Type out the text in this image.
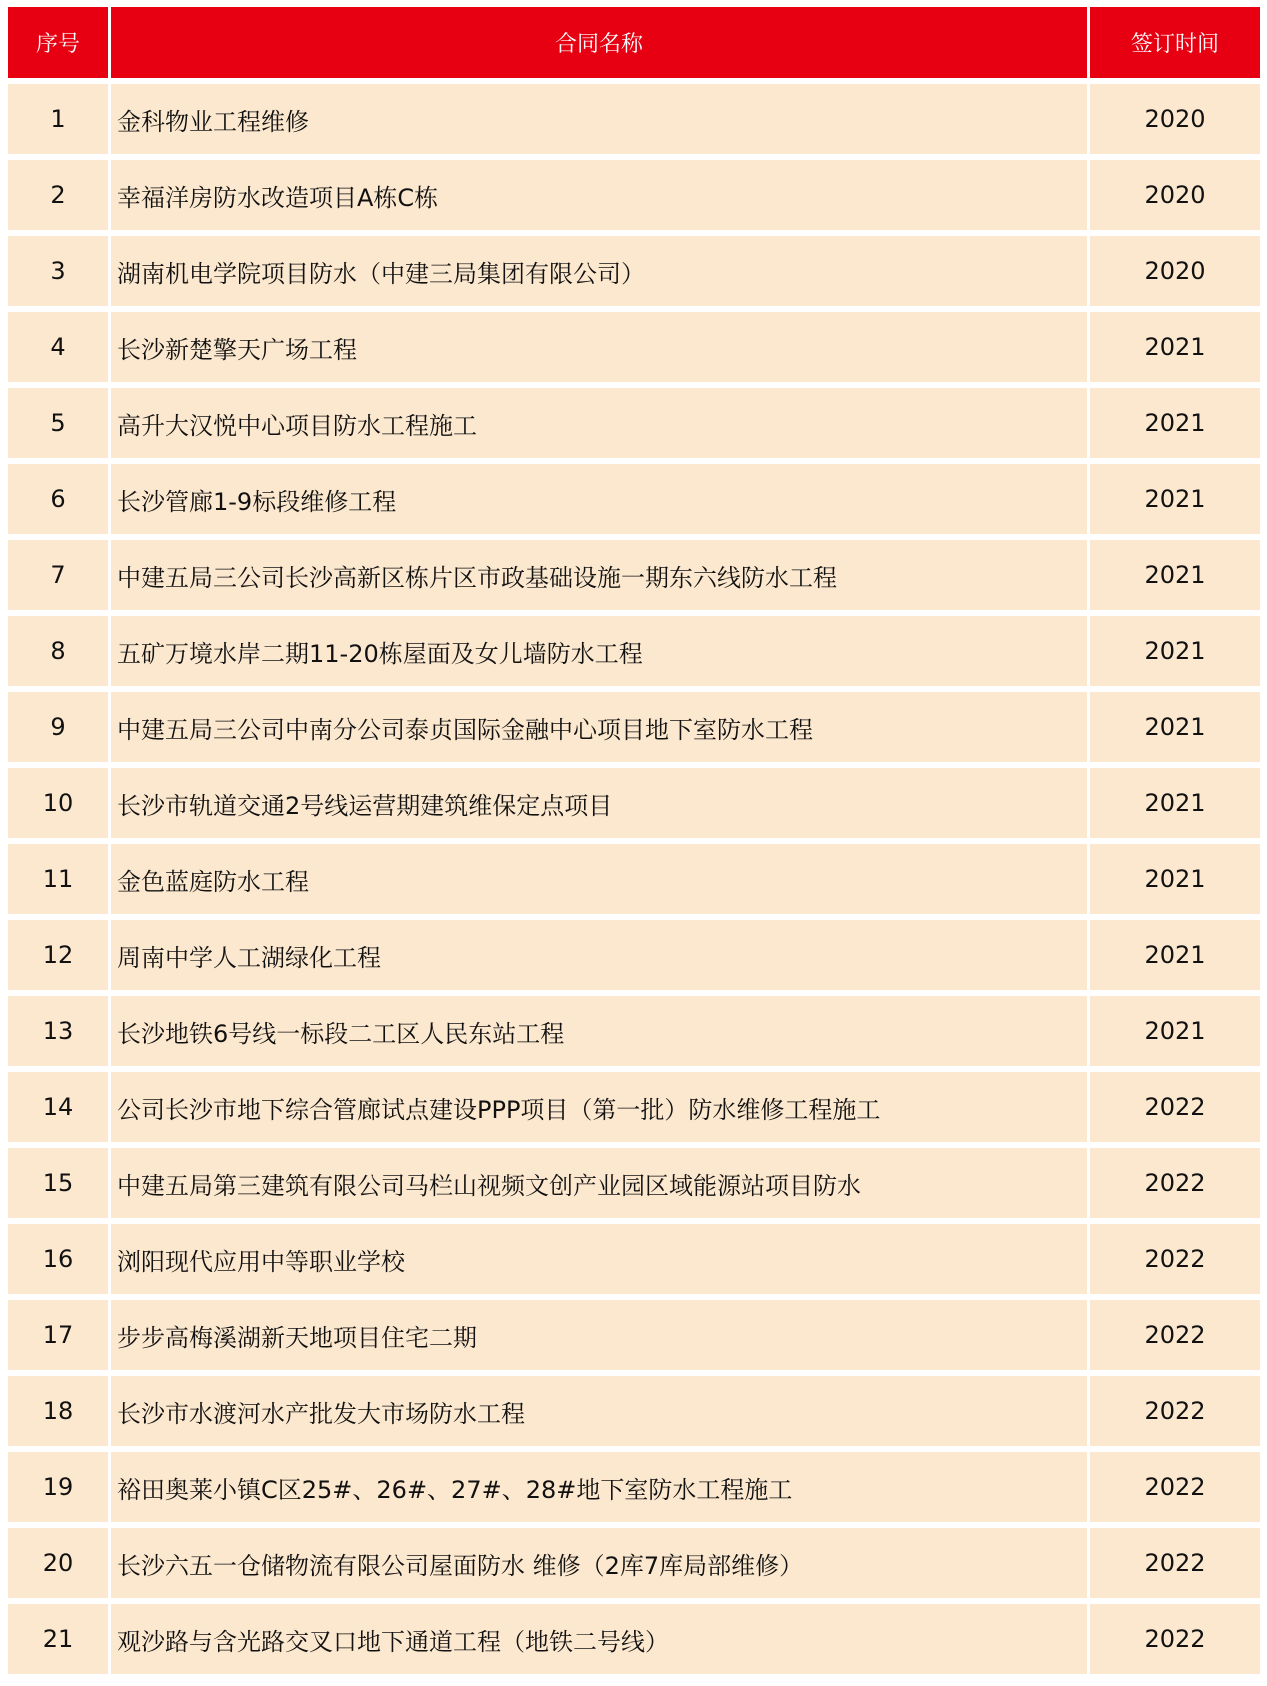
序号	合同名称	签订时间
1	金科物业工程维修	2020
2	幸福洋房防水改造项目A栋C栋	2020
3	湖南机电学院项目防水（中建三局集团有限公司）	2020
4	长沙新楚擎天广场工程	2021
5	高升大汉悦中心项目防水工程施工	2021
6	长沙管廊1-9标段维修工程	2021
7	中建五局三公司长沙高新区栋片区市政基础设施一期东六线防水工程	2021
8	五矿万境水岸二期11-20栋屋面及女儿墙防水工程	2021
9	中建五局三公司中南分公司泰贞国际金融中心项目地下室防水工程	2021
10	长沙市轨道交通2号线运营期建筑维保定点项目	2021
11	金色蓝庭防水工程	2021
12	周南中学人工湖绿化工程	2021
13	长沙地铁6号线一标段二工区人民东站工程	2021
14	公司长沙市地下综合管廊试点建设PPP项目（第一批）防水维修工程施工	2022
15	中建五局第三建筑有限公司马栏山视频文创产业园区域能源站项目防水	2022
16	浏阳现代应用中等职业学校	2022
17	步步高梅溪湖新天地项目住宅二期	2022
18	长沙市水渡河水产批发大市场防水工程	2022
19	裕田奥莱小镇C区25#、26#、27#、28#地下室防水工程施工	2022
20	长沙六五一仓储物流有限公司屋面防水 维修（2库7库局部维修）	2022
21	观沙路与含光路交叉口地下通道工程（地铁二号线）	2022
